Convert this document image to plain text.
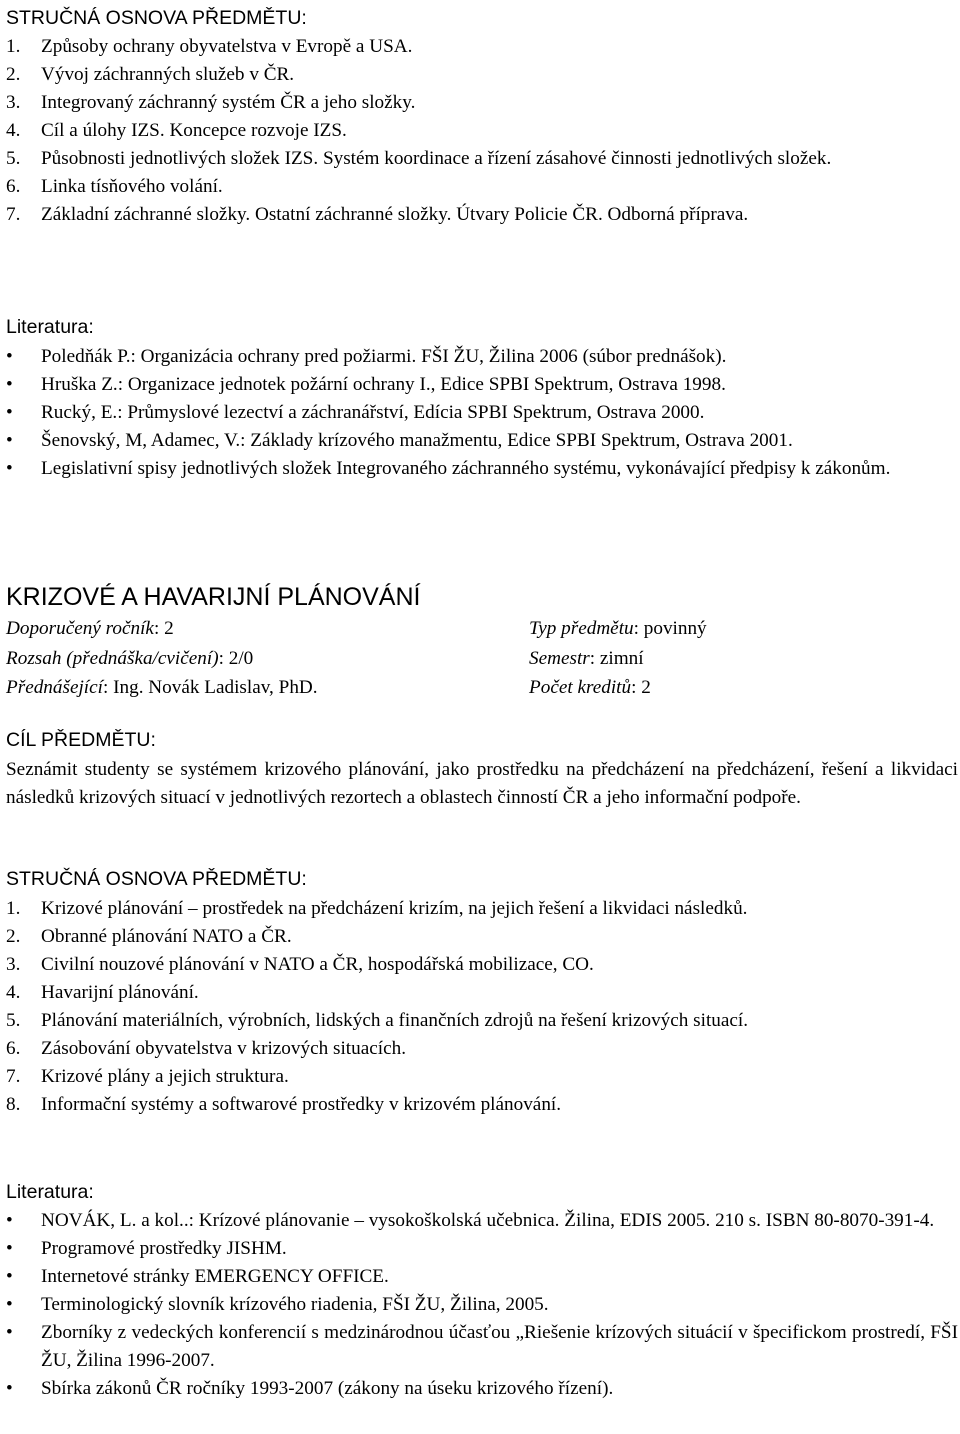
STRUČNÁ OSNOVA PŘEDMĚTU:
1. Způsoby ochrany obyvatelstva v Evropě a USA.
2. Vývoj záchranných služeb v ČR.
3. Integrovaný záchranný systém ČR a jeho složky.
4. Cíl a úlohy IZS. Koncepce rozvoje IZS.
5. Působnosti jednotlivých složek IZS. Systém koordinace a řízení zásahové činnosti jednotlivých složek.
6. Linka tísňového volání.
7. Základní záchranné složky. Ostatní záchranné složky. Útvary Policie ČR. Odborná příprava.
Literatura:
• Poledňák P.: Organizácia ochrany pred požiarmi. FŠI ŽU, Žilina 2006 (súbor prednášok).
• Hruška Z.: Organizace jednotek požární ochrany I., Edice SPBI Spektrum, Ostrava 1998.
• Rucký, E.: Průmyslové lezectví a záchranářství, Edícia SPBI Spektrum, Ostrava 2000.
• Šenovský, M, Adamec, V.: Základy krízového manažmentu, Edice SPBI Spektrum, Ostrava 2001.
• Legislativní spisy jednotlivých složek Integrovaného záchranného systému, vykonávající předpisy k zákonům.
KRIZOVÉ A HAVARIJNÍ PLÁNOVÁNÍ
Doporučený ročník: 2	Typ předmětu: povinný
Rozsah (přednáška/cvičení): 2/0	Semestr: zimní
Přednášející: Ing. Novák Ladislav, PhD.	Počet kreditů: 2
CÍL PŘEDMĚTU:
Seznámit studenty se systémem krizového plánování, jako prostředku na předcházení na předcházení, řešení a likvidaci následků krizových situací v jednotlivých rezortech a oblastech činností ČR a jeho informační podpoře.
STRUČNÁ OSNOVA PŘEDMĚTU:
1. Krizové plánování – prostředek na předcházení krizím, na jejich řešení a likvidaci následků.
2. Obranné plánování NATO a ČR.
3. Civilní nouzové plánování v NATO a ČR, hospodářská mobilizace, CO.
4. Havarijní plánování.
5. Plánování materiálních, výrobních, lidských a finančních zdrojů na řešení krizových situací.
6. Zásobování obyvatelstva v krizových situacích.
7. Krizové plány a jejich struktura.
8. Informační systémy a softwarové prostředky v krizovém plánování.
Literatura:
• NOVÁK, L. a kol..: Krízové plánovanie – vysokoškolská učebnica. Žilina, EDIS 2005. 210 s. ISBN 80-8070-391-4.
• Programové prostředky JISHM.
• Internetové stránky EMERGENCY OFFICE.
• Terminologický slovník krízového riadenia, FŠI ŽU, Žilina, 2005.
• Zborníky z vedeckých konferencií s medzinárodnou účasťou „Riešenie krízových situácií v špecifickom prostredí, FŠI ŽU, Žilina 1996-2007.
• Sbírka zákonů ČR ročníky 1993-2007 (zákony na úseku krizového řízení).
